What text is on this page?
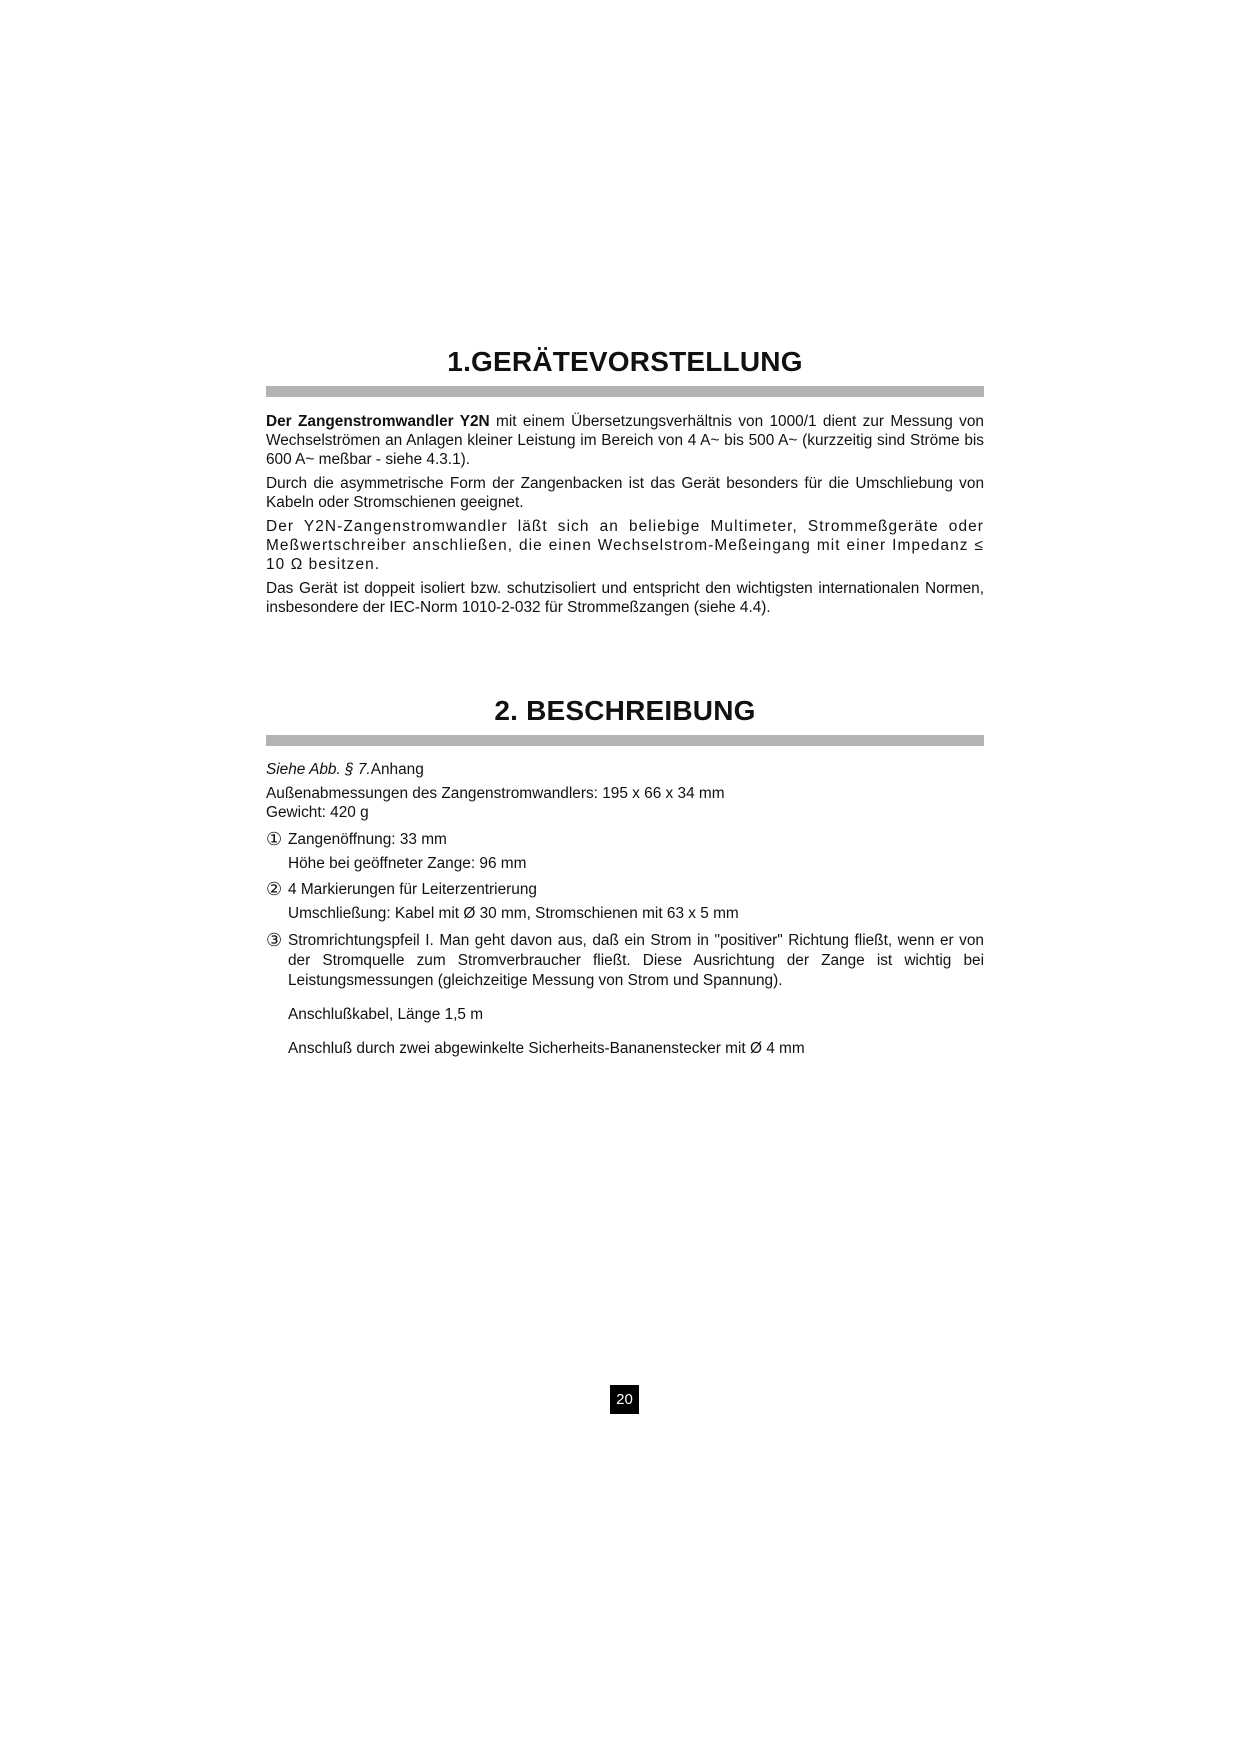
1.GERÄTEVORSTELLUNG

Der Zangenstromwandler Y2N mit einem Übersetzungsverhältnis von 1000/1 dient zur Messung von Wechselströmen an Anlagen kleiner Leistung im Bereich von 4 A~ bis 500 A~ (kurzzeitig sind Ströme bis 600 A~ meßbar - siehe 4.3.1).

Durch die asymmetrische Form der Zangenbacken ist das Gerät besonders für die Umschliebung von Kabeln oder Stromschienen geeignet.

Der Y2N-Zangenstromwandler läßt sich an beliebige Multimeter, Strommeßgeräte oder Meßwertschreiber anschließen, die einen Wechselstrom-Meßeingang mit einer Impedanz ≤ 10 Ω besitzen.

Das Gerät ist doppeit isoliert bzw. schutzisoliert und entspricht den wichtigsten internationalen Normen, insbesondere der IEC-Norm 1010-2-032 für Strommeßzangen (siehe 4.4).

2. BESCHREIBUNG

Siehe Abb. § 7.Anhang

Außenabmessungen des Zangenstromwandlers: 195 x 66 x 34 mm

Gewicht: 420 g

① Zangenöffnung: 33 mm
Höhe bei geöffneter Zange: 96 mm
② 4 Markierungen für Leiterzentrierung
Umschließung: Kabel mit Ø 30 mm, Stromschienen mit 63 x 5 mm
③ Stromrichtungspfeil I. Man geht davon aus, daß ein Strom in "positiver" Richtung fließt, wenn er von der Stromquelle zum Stromverbraucher fließt. Diese Ausrichtung der Zange ist wichtig bei Leistungsmessungen (gleichzeitige Messung von Strom und Spannung).
Anschlußkabel, Länge 1,5 m
Anschluß durch zwei abgewinkelte Sicherheits-Bananenstecker mit Ø 4 mm
20
